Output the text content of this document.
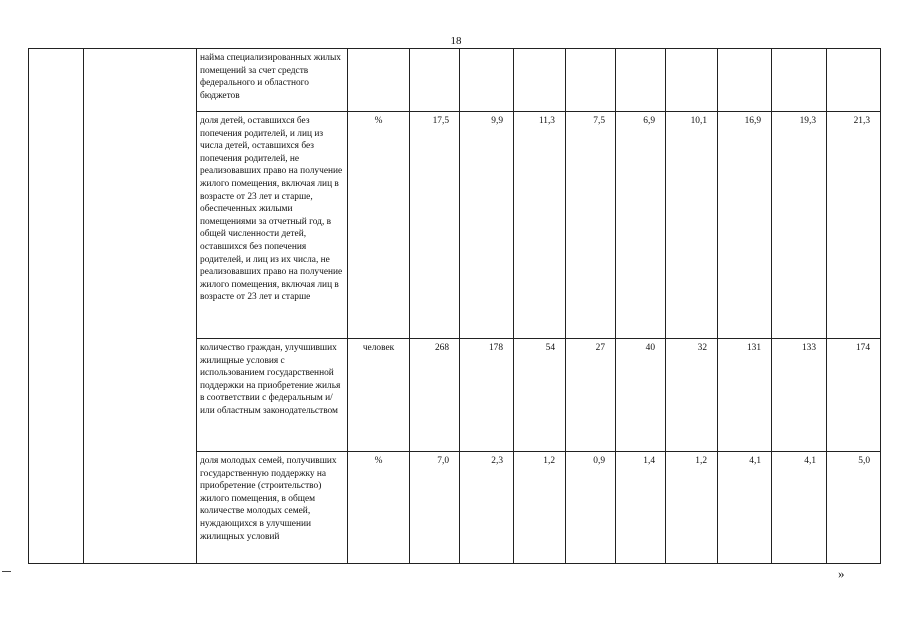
18
		найма специализированных жилых помещений за счет средств федерального и областного бюджетов										
		доля детей, оставшихся без попечения родителей, и лиц из числа детей, оставшихся без попечения родителей, не реализовавших право на получение жилого помещения, включая лиц в возрасте от 23 лет и старше, обеспеченных жилыми помещениями за отчетный год, в общей численности детей, оставшихся без попечения родителей, и лиц из их числа, не реализовавших право на получение жилого помещения, включая лиц в возрасте от 23 лет и старше	%	17,5	9,9	11,3	7,5	6,9	10,1	16,9	19,3	21,3
		количество граждан, улучшивших жилищные условия с использованием государственной поддержки на приобретение жилья в соответствии с федеральным и/или областным законодательством	человек	268	178	54	27	40	32	131	133	174
		доля молодых семей, получивших государственную поддержку на приобретение (строительство) жилого помещения, в общем количестве молодых семей, нуждающихся в улучшении жилищных условий	%	7,0	2,3	1,2	0,9	1,4	1,2	4,1	4,1	5,0
»
